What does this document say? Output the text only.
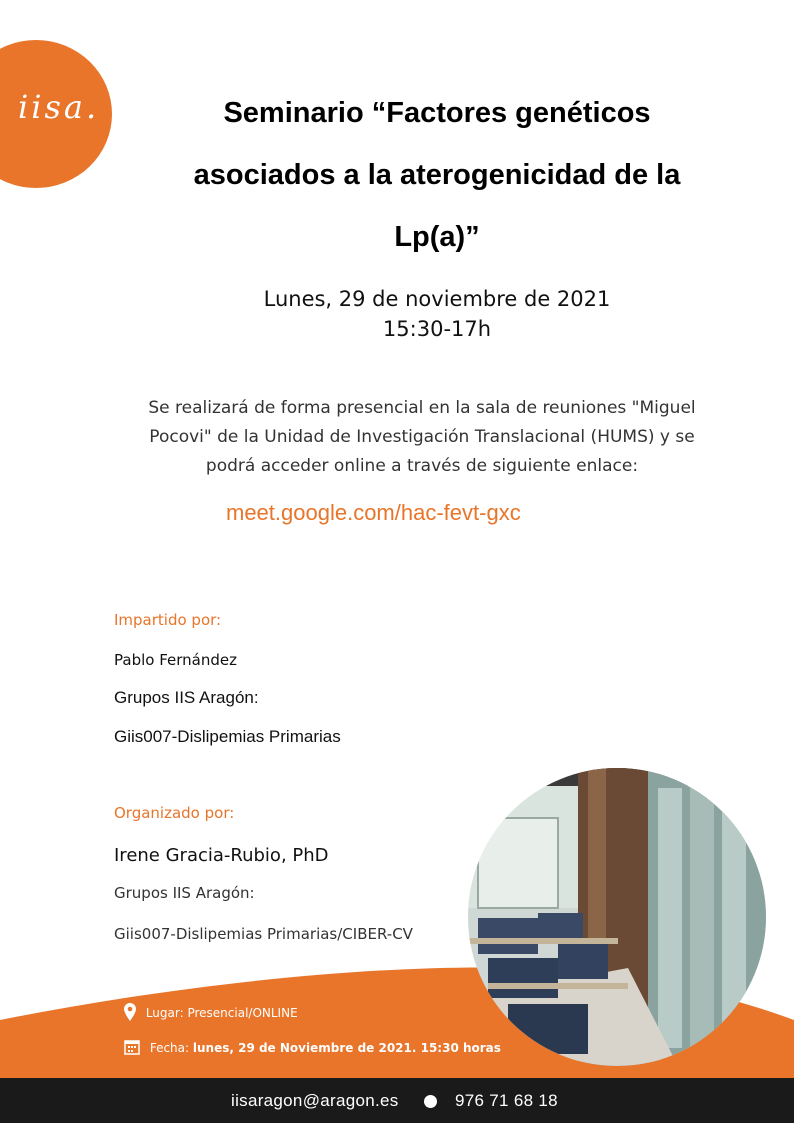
iisa.	Seminario “Factores genéticos
asociados a la aterogenicidad de la
Lp(a)”
Lunes, 29 de noviembre de 2021
15:30-17h
Se realizará de forma presencial en la sala de reuniones "Miguel
Pocovi" de la Unidad de Investigación Translacional (HUMS) y se
podrá acceder online a través de siguiente enlace:
meet.google.com/hac-fevt-gxc
Impartido por:
Pablo Fernández
Grupos IIS Aragón:
Giis007-Dislipemias Primarias
Organizado por:
Irene Gracia-Rubio, PhD
Grupos IIS Aragón:
Giis007-Dislipemias Primarias/CIBER-CV
Lugar: Presencial/ONLINE
Fecha: lunes, 29 de Noviembre de 2021. 15:30 horas
iisaragon@aragon.es	976 71 68 18
